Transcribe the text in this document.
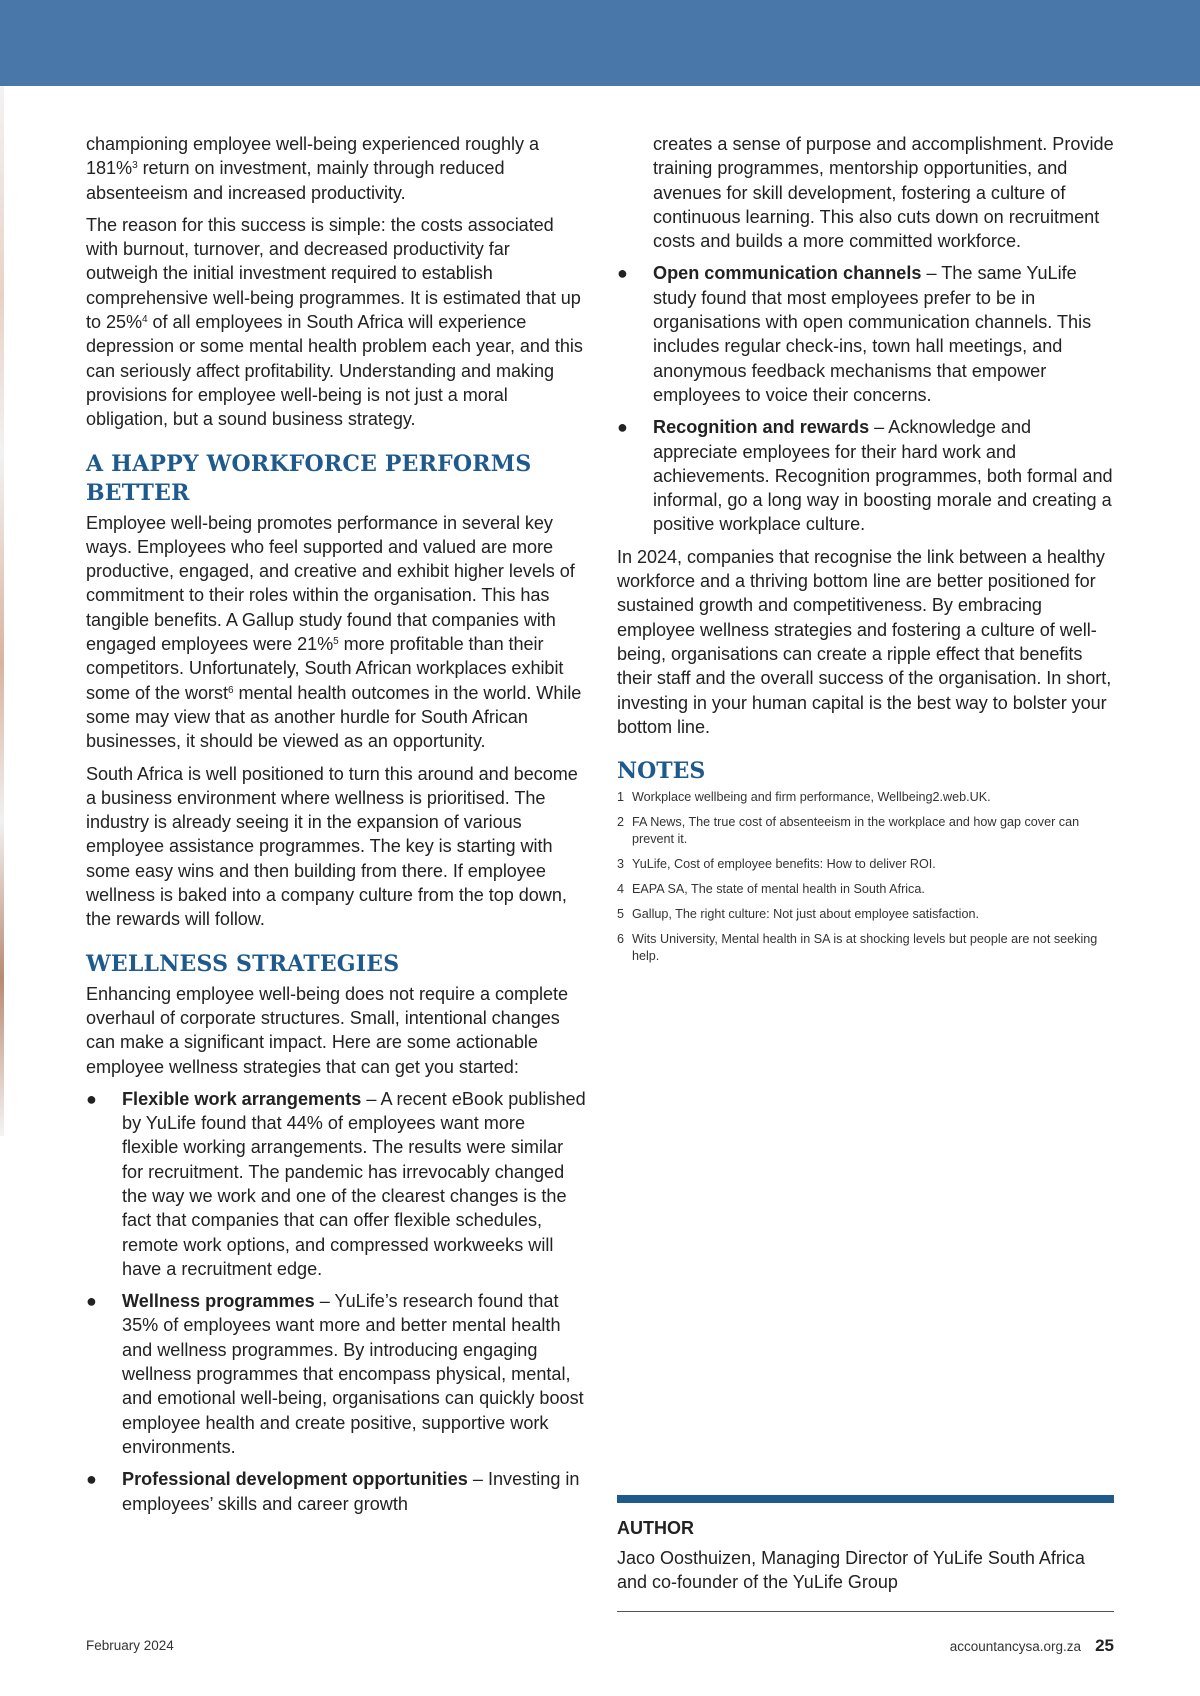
championing employee well-being experienced roughly a 181%$^3$ return on investment, mainly through reduced absenteeism and increased productivity.

The reason for this success is simple: the costs associated with burnout, turnover, and decreased productivity far outweigh the initial investment required to establish comprehensive well-being programmes. It is estimated that up to 25%$^4$ of all employees in South Africa will experience depression or some mental health problem each year, and this can seriously affect profitability. Understanding and making provisions for employee well-being is not just a moral obligation, but a sound business strategy.

A HAPPY WORKFORCE PERFORMS BETTER

Employee well-being promotes performance in several key ways. Employees who feel supported and valued are more productive, engaged, and creative and exhibit higher levels of commitment to their roles within the organisation. This has tangible benefits. A Gallup study found that companies with engaged employees were 21%$^5$ more profitable than their competitors. Unfortunately, South African workplaces exhibit some of the worst$^6$ mental health outcomes in the world. While some may view that as another hurdle for South African businesses, it should be viewed as an opportunity.

South Africa is well positioned to turn this around and become a business environment where wellness is prioritised. The industry is already seeing it in the expansion of various employee assistance programmes. The key is starting with some easy wins and then building from there. If employee wellness is baked into a company culture from the top down, the rewards will follow.

WELLNESS STRATEGIES

Enhancing employee well-being does not require a complete overhaul of corporate structures. Small, intentional changes can make a significant impact. Here are some actionable employee wellness strategies that can get you started:

● Flexible work arrangements – A recent eBook published by YuLife found that 44% of employees want more flexible working arrangements. The results were similar for recruitment. The pandemic has irrevocably changed the way we work and one of the clearest changes is the fact that companies that can offer flexible schedules, remote work options, and compressed workweeks will have a recruitment edge.
● Wellness programmes – YuLife’s research found that 35% of employees want more and better mental health and wellness programmes. By introducing engaging wellness programmes that encompass physical, mental, and emotional well-being, organisations can quickly boost employee health and create positive, supportive work environments.
● Professional development opportunities – Investing in employees’ skills and career growth
creates a sense of purpose and accomplishment. Provide training programmes, mentorship opportunities, and avenues for skill development, fostering a culture of continuous learning. This also cuts down on recruitment costs and builds a more committed workforce.
● Open communication channels – The same YuLife study found that most employees prefer to be in organisations with open communication channels. This includes regular check-ins, town hall meetings, and anonymous feedback mechanisms that empower employees to voice their concerns.
● Recognition and rewards – Acknowledge and appreciate employees for their hard work and achievements. Recognition programmes, both formal and informal, go a long way in boosting morale and creating a positive workplace culture.

In 2024, companies that recognise the link between a healthy workforce and a thriving bottom line are better positioned for sustained growth and competitiveness. By embracing employee wellness strategies and fostering a culture of well-being, organisations can create a ripple effect that benefits their staff and the overall success of the organisation. In short, investing in your human capital is the best way to bolster your bottom line.

NOTES
1 Workplace wellbeing and firm performance, Wellbeing2.web.UK.
2 FA News, The true cost of absenteeism in the workplace and how gap cover can prevent it.
3 YuLife, Cost of employee benefits: How to deliver ROI.
4 EAPA SA, The state of mental health in South Africa.
5 Gallup, The right culture: Not just about employee satisfaction.
6 Wits University, Mental health in SA is at shocking levels but people are not seeking help.
AUTHOR
Jaco Oosthuizen, Managing Director of YuLife South Africa and co-founder of the YuLife Group
February 2024	accountancysa.org.za 25
